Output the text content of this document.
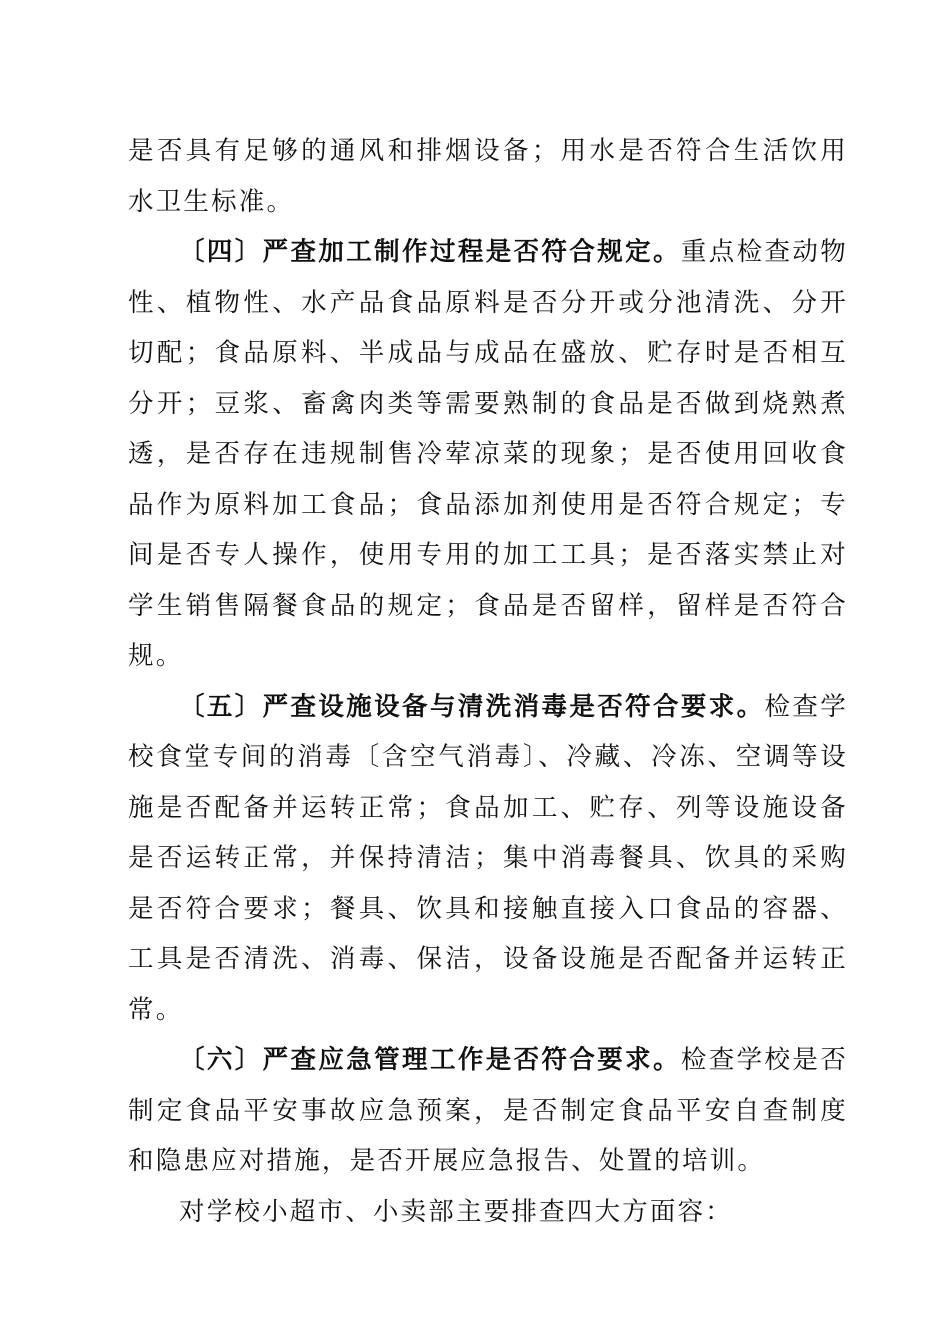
是否具有足够的通风和排烟设备；用水是否符合生活饮用水卫生标准。

〔四〕严查加工制作过程是否符合规定。重点检查动物性、植物性、水产品食品原料是否分开或分池清洗、分开切配；食品原料、半成品与成品在盛放、贮存时是否相互分开；豆浆、畜禽肉类等需要熟制的食品是否做到烧熟煮透，是否存在违规制售冷荤凉菜的现象；是否使用回收食品作为原料加工食品；食品添加剂使用是否符合规定；专间是否专人操作，使用专用的加工工具；是否落实禁止对学生销售隔餐食品的规定；食品是否留样，留样是否符合规。

〔五〕严查设施设备与清洗消毒是否符合要求。检查学校食堂专间的消毒〔含空气消毒〕、冷藏、冷冻、空调等设施是否配备并运转正常；食品加工、贮存、列等设施设备是否运转正常，并保持清洁；集中消毒餐具、饮具的采购是否符合要求；餐具、饮具和接触直接入口食品的容器、工具是否清洗、消毒、保洁，设备设施是否配备并运转正常。

〔六〕严查应急管理工作是否符合要求。检查学校是否制定食品平安事故应急预案，是否制定食品平安自查制度和隐患应对措施，是否开展应急报告、处置的培训。

对学校小超市、小卖部主要排查四大方面容：
